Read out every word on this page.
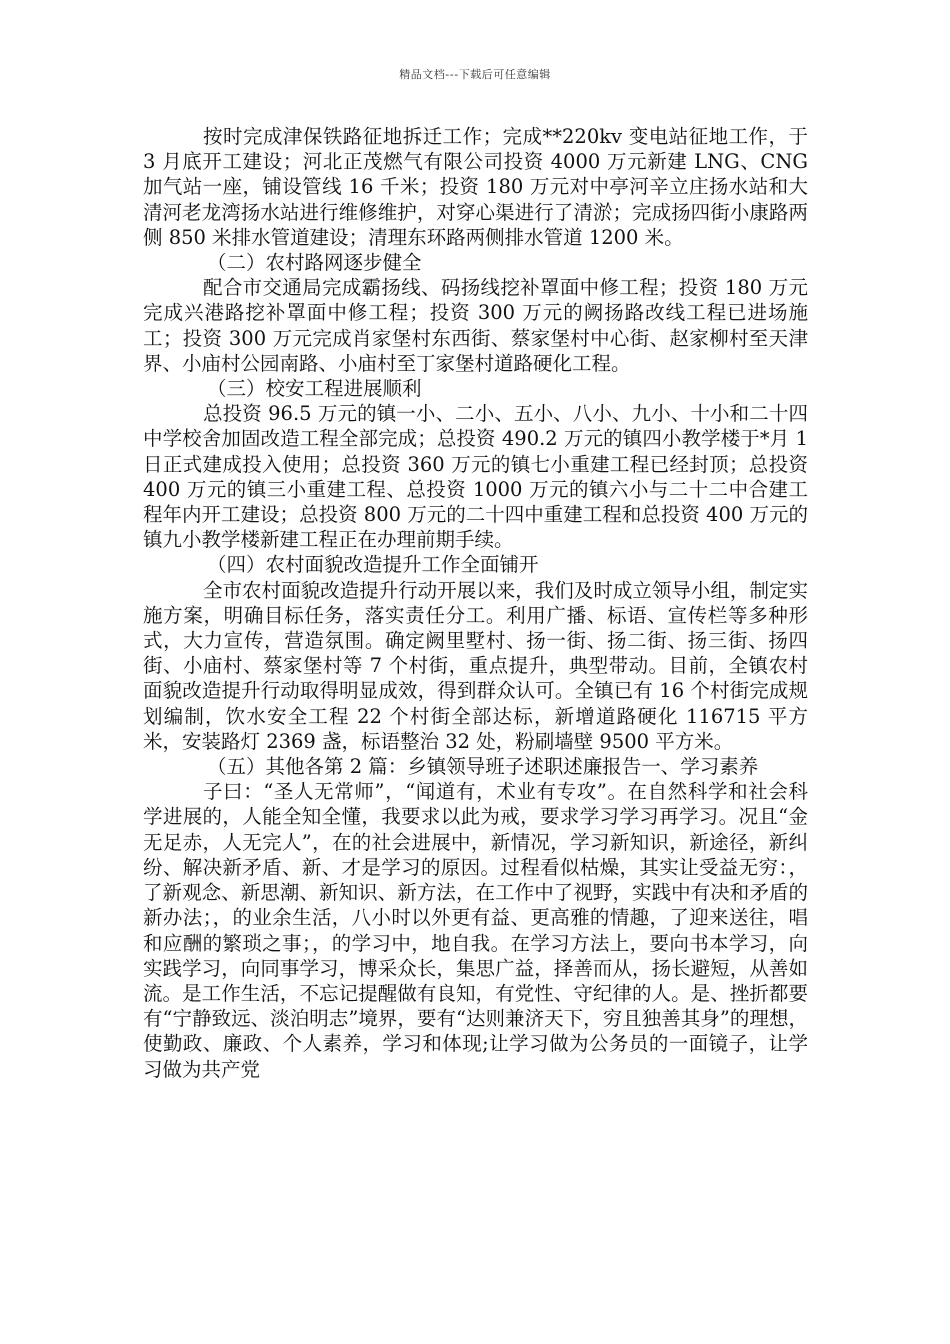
精品文档---下载后可任意编辑

按时完成津保铁路征地拆迁工作；完成**220kv 变电站征地工作，于 3 月底开工建设；河北正茂燃气有限公司投资 4000 万元新建 LNG、CNG 加气站一座，铺设管线 16 千米；投资 180 万元对中亭河辛立庄扬水站和大清河老龙湾扬水站进行维修维护，对穿心渠进行了清淤；完成扬四街小康路两侧 850 米排水管道建设；清理东环路两侧排水管道 1200 米。

（二）农村路网逐步健全

配合市交通局完成霸扬线、码扬线挖补罩面中修工程；投资 180 万元完成兴港路挖补罩面中修工程；投资 300 万元的阙扬路改线工程已进场施工；投资 300 万元完成肖家堡村东西街、蔡家堡村中心街、赵家柳村至天津界、小庙村公园南路、小庙村至丁家堡村道路硬化工程。

（三）校安工程进展顺利

总投资 96.5 万元的镇一小、二小、五小、八小、九小、十小和二十四中学校舍加固改造工程全部完成；总投资 490.2 万元的镇四小教学楼于*月 1 日正式建成投入使用；总投资 360 万元的镇七小重建工程已经封顶；总投资 400 万元的镇三小重建工程、总投资 1000 万元的镇六小与二十二中合建工程年内开工建设；总投资 800 万元的二十四中重建工程和总投资 400 万元的镇九小教学楼新建工程正在办理前期手续。

（四）农村面貌改造提升工作全面铺开

全市农村面貌改造提升行动开展以来，我们及时成立领导小组，制定实施方案，明确目标任务，落实责任分工。利用广播、标语、宣传栏等多种形式，大力宣传，营造氛围。确定阙里墅村、扬一街、扬二街、扬三街、扬四街、小庙村、蔡家堡村等 7 个村街，重点提升，典型带动。目前，全镇农村面貌改造提升行动取得明显成效，得到群众认可。全镇已有 16 个村街完成规划编制，饮水安全工程 22 个村街全部达标，新增道路硬化 116715 平方米，安装路灯 2369 盏，标语整治 32 处，粉刷墙壁 9500 平方米。

（五）其他各第 2 篇：乡镇领导班子述职述廉报告一、学习素养

子曰：“圣人无常师”，“闻道有，术业有专攻”。在自然科学和社会科学进展的，人能全知全懂，我要求以此为戒，要求学习学习再学习。况且“金无足赤，人无完人”，在的社会进展中，新情况，学习新知识，新途径，新纠纷、解决新矛盾、新、才是学习的原因。过程看似枯燥，其实让受益无穷：，了新观念、新思潮、新知识、新方法，在工作中了视野，实践中有决和矛盾的新办法；，的业余生活，八小时以外更有益、更高雅的情趣，了迎来送往，唱和应酬的繁琐之事；，的学习中，地自我。在学习方法上，要向书本学习，向实践学习，向同事学习，博采众长，集思广益，择善而从，扬长避短，从善如流。是工作生活，不忘记提醒做有良知，有党性、守纪律的人。是、挫折都要有“宁静致远、淡泊明志”境界，要有“达则兼济天下，穷且独善其身”的理想，使勤政、廉政、个人素养，学习和体现;让学习做为公务员的一面镜子，让学习做为共产党
